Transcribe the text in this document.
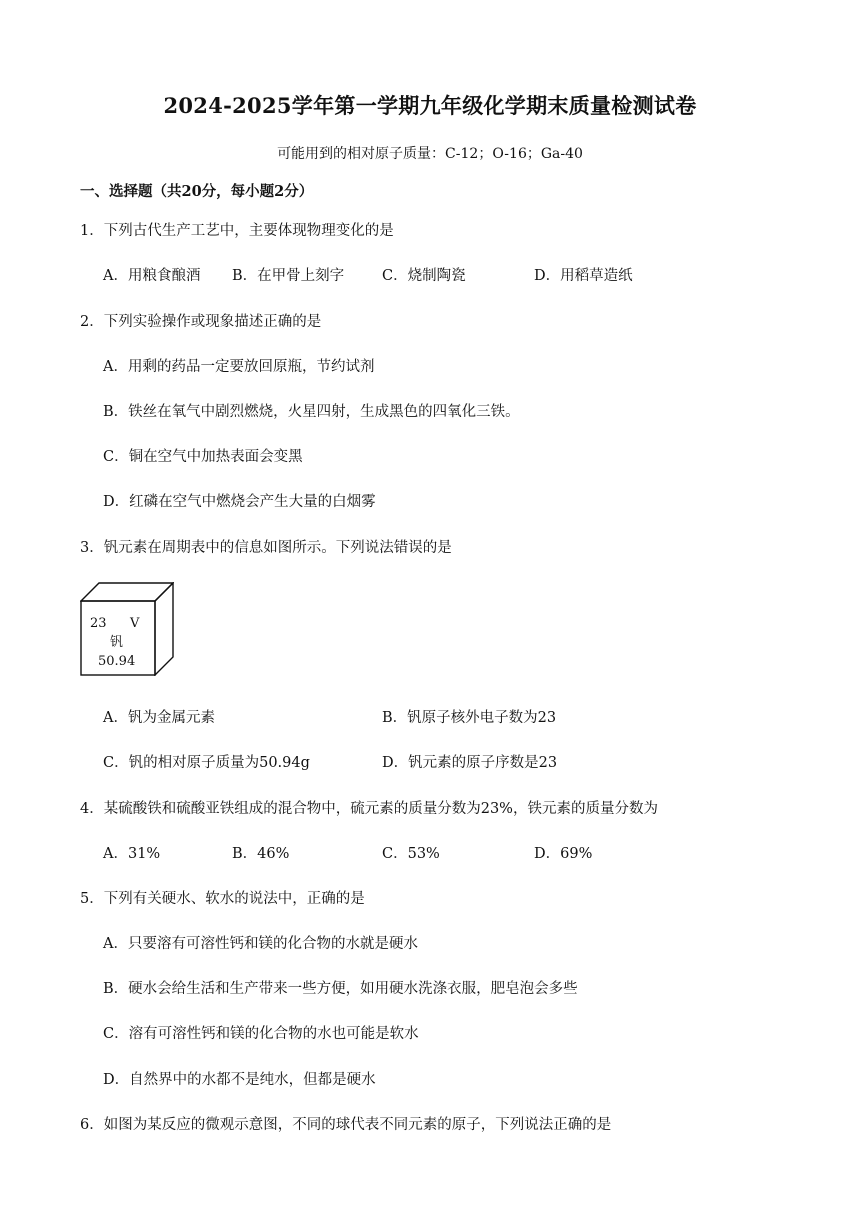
2024-2025学年第一学期九年级化学期末质量检测试卷
可能用到的相对原子质量：C-12；O-16；Ga-40
一、选择题（共20分，每小题2分）
1．下列古代生产工艺中，主要体现物理变化的是
A．用粮食酿酒 B．在甲骨上刻字	C．烧制陶瓷	D．用稻草造纸
2．下列实验操作或现象描述正确的是
A．用剩的药品一定要放回原瓶，节约试剂
B．铁丝在氧气中剧烈燃烧，火星四射，生成黑色的四氧化三铁。
C．铜在空气中加热表面会变黑
D．红磷在空气中燃烧会产生大量的白烟雾
3．钒元素在周期表中的信息如图所示。下列说法错误的是
23 V
钒
50.94
A．钒为金属元素	B．钒原子核外电子数为23
C．钒的相对原子质量为50.94g	D．钒元素的原子序数是23
4．某硫酸铁和硫酸亚铁组成的混合物中，硫元素的质量分数为23%，铁元素的质量分数为
A．31%	B．46%	C．53%	D．69%
5．下列有关硬水、软水的说法中，正确的是
A．只要溶有可溶性钙和镁的化合物的水就是硬水
B．硬水会给生活和生产带来一些方便，如用硬水洗涤衣服，肥皂泡会多些
C．溶有可溶性钙和镁的化合物的水也可能是软水
D．自然界中的水都不是纯水，但都是硬水
6．如图为某反应的微观示意图，不同的球代表不同元素的原子，下列说法正确的是
